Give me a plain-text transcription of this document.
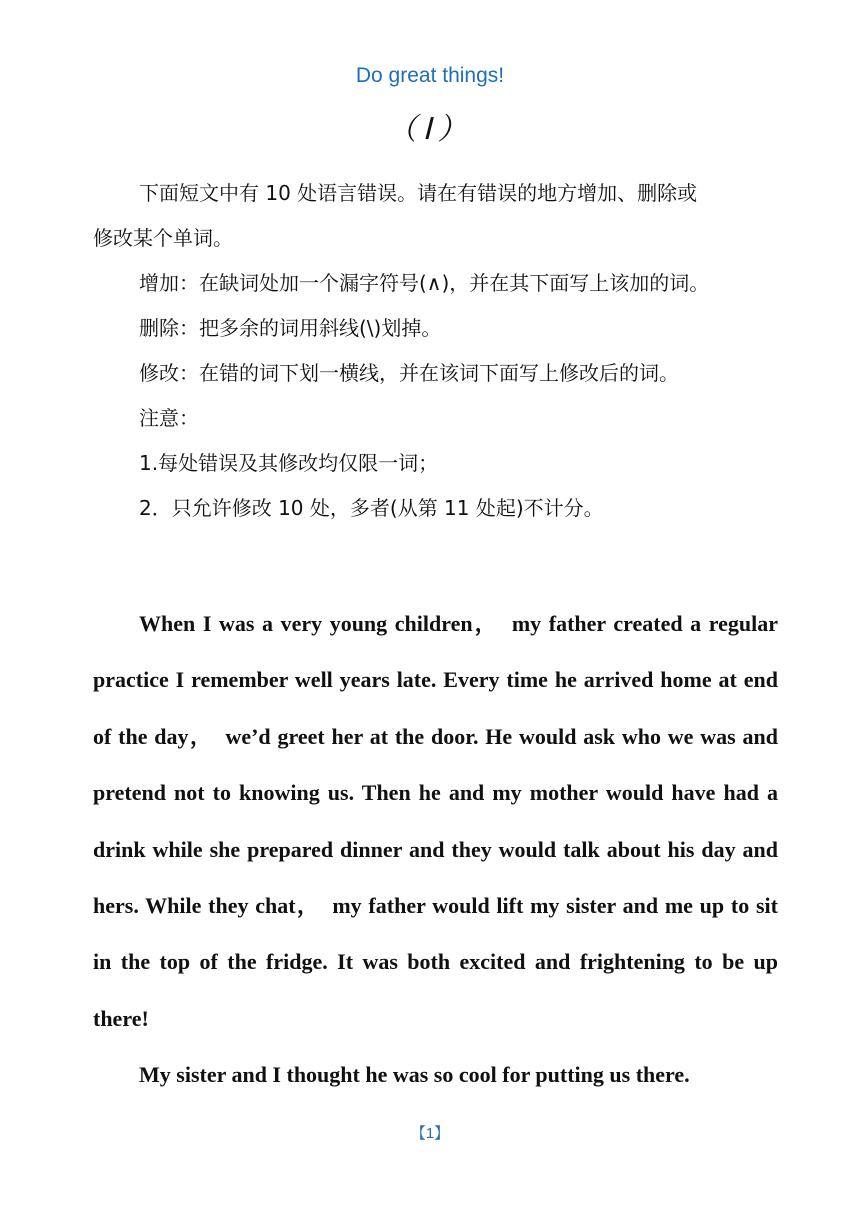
Do great things!
（Ⅰ）
下面短文中有 10 处语言错误。请在有错误的地方增加、删除或
修改某个单词。
增加：在缺词处加一个漏字符号(∧)，并在其下面写上该加的词。
删除：把多余的词用斜线(\)划掉。
修改：在错的词下划一横线，并在该词下面写上修改后的词。
注意：
1.每处错误及其修改均仅限一词；
2．只允许修改 10 处，多者(从第 11 处起)不计分。

When I was a very young children，　my father created a regular practice I remember well years late. Every time he arrived home at end of the day，　we’d greet her at the door. He would ask who we was and pretend not to knowing us. Then he and my mother would have had a drink while she prepared dinner and they would talk about his day and hers. While they chat，　my father would lift my sister and me up to sit in the top of the fridge. It was both excited and frightening to be up there!

My sister and I thought he was so cool for putting us there.

【1】
